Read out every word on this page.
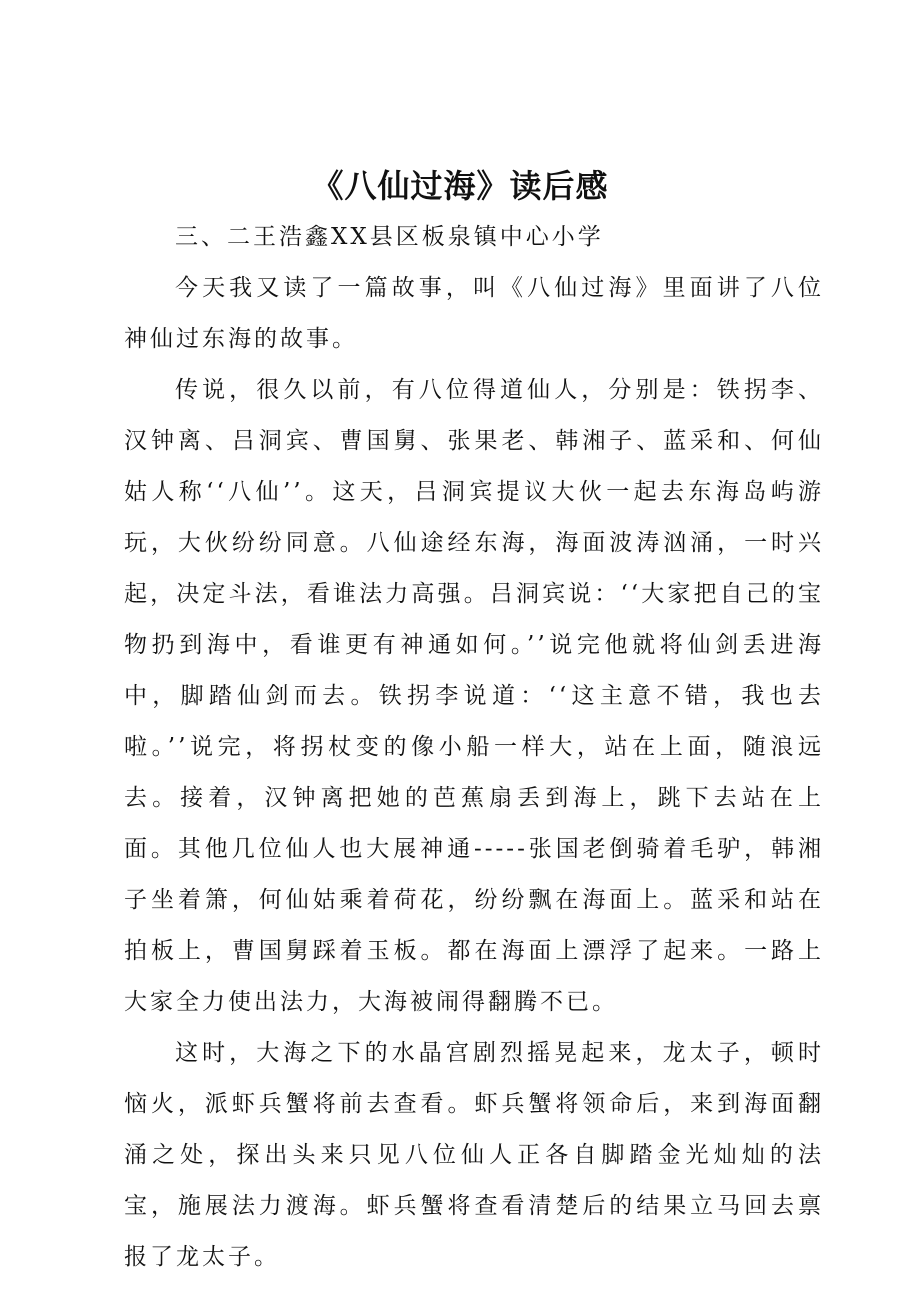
《八仙过海》读后感

三、二王浩鑫XX县区板泉镇中心小学

今天我又读了一篇故事，叫《八仙过海》里面讲了八位神仙过东海的故事。

传说，很久以前，有八位得道仙人，分别是：铁拐李、汉钟离、吕洞宾、曹国舅、张果老、韩湘子、蓝采和、何仙姑人称‘‘八仙’’。这天，吕洞宾提议大伙一起去东海岛屿游玩，大伙纷纷同意。八仙途经东海，海面波涛汹涌，一时兴起，决定斗法，看谁法力高强。吕洞宾说：‘‘大家把自己的宝物扔到海中，看谁更有神通如何。’’说完他就将仙剑丢进海中，脚踏仙剑而去。铁拐李说道：‘‘这主意不错，我也去啦。’’说完，将拐杖变的像小船一样大，站在上面，随浪远去。接着，汉钟离把她的芭蕉扇丢到海上，跳下去站在上面。其他几位仙人也大展神通-----张国老倒骑着毛驴，韩湘子坐着箫，何仙姑乘着荷花，纷纷飘在海面上。蓝采和站在拍板上，曹国舅踩着玉板。都在海面上漂浮了起来。一路上大家全力使出法力，大海被闹得翻腾不已。

这时，大海之下的水晶宫剧烈摇晃起来，龙太子，顿时恼火，派虾兵蟹将前去查看。虾兵蟹将领命后，来到海面翻涌之处，探出头来只见八位仙人正各自脚踏金光灿灿的法宝，施展法力渡海。虾兵蟹将查看清楚后的结果立马回去禀报了龙太子。
